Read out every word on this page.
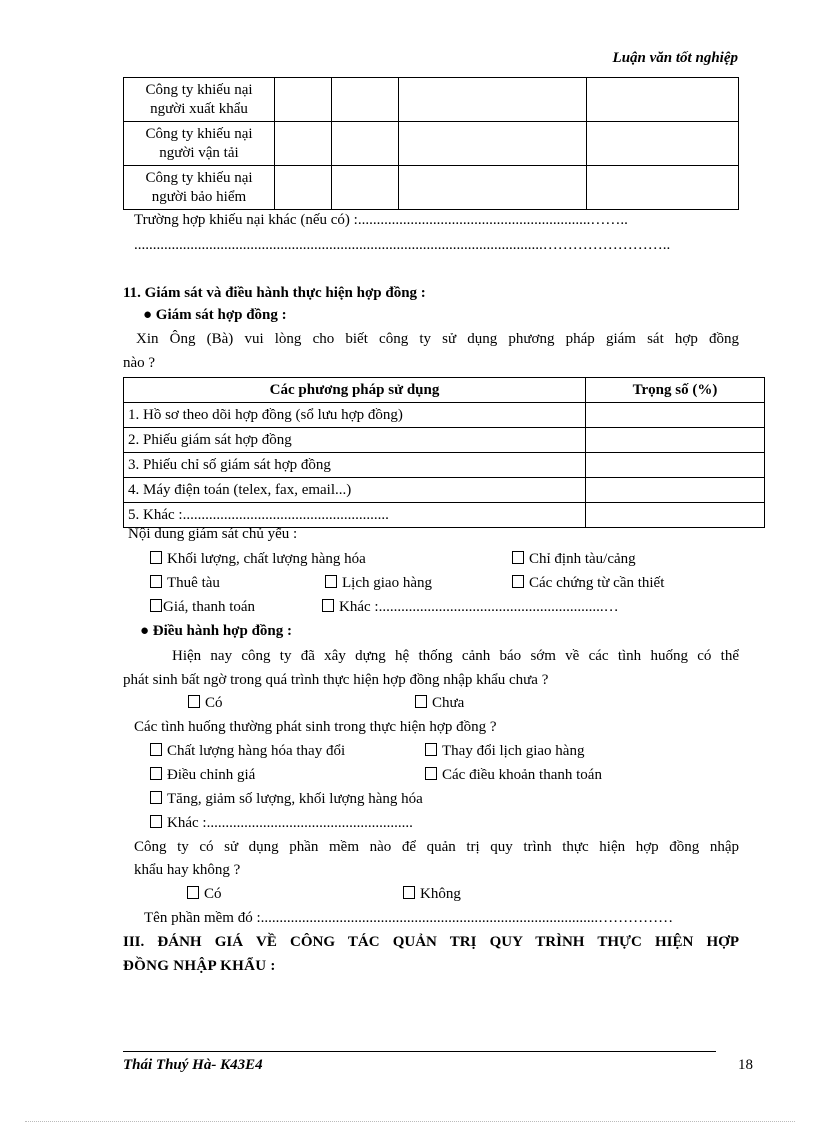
Luận văn tốt nghiệp
Công ty khiếu nại
người xuất khẩu				
Công ty khiếu nại
người vận tải				
Công ty khiếu nại
người bảo hiểm				
Trường hợp khiếu nại khác (nếu có) :..............................................................……..
.............................................................................................................……………………..
11. Giám sát và điều hành thực hiện hợp đồng :
● Giám sát hợp đồng :
Xin Ông (Bà) vui lòng cho biết công ty sử dụng phương pháp giám sát hợp đồng
nào ?
Các phương pháp sử dụng	Trọng số (%)
1. Hồ sơ theo dõi hợp đồng (sổ lưu hợp đồng)	
2. Phiếu giám sát hợp đồng	
3. Phiếu chỉ số giám sát hợp đồng	
4. Máy điện toán (telex, fax, email...)	
5. Khác :.......................................................	
Nội dung giám sát chủ yếu :
Khối lượng, chất lượng hàng hóa	Chỉ định tàu/cảng
Thuê tàu	Lịch giao hàng	Các chứng từ cần thiết
Giá, thanh toán	Khác :............................................................…
● Điều hành hợp đồng :
Hiện nay công ty đã xây dựng hệ thống cảnh báo sớm về các tình huống có thể
phát sinh bất ngờ trong quá trình thực hiện hợp đồng nhập khẩu chưa ?
Có	Chưa
Các tình huống thường phát sinh trong thực hiện hợp đồng ?
Chất lượng hàng hóa thay đổi	Thay đổi lịch giao hàng
Điều chỉnh giá	Các điều khoản thanh toán
Tăng, giảm số lượng, khối lượng hàng hóa
Khác :.......................................................
Công ty có sử dụng phần mềm nào để quản trị quy trình thực hiện hợp đồng nhập
khẩu hay không ?
Có	Không
Tên phần mềm đó :..........................................................................................……………
III. ĐÁNH GIÁ VỀ CÔNG TÁC QUẢN TRỊ QUY TRÌNH THỰC HIỆN HỢP
ĐỒNG NHẬP KHẨU :
Thái Thuý Hà- K43E4	18
